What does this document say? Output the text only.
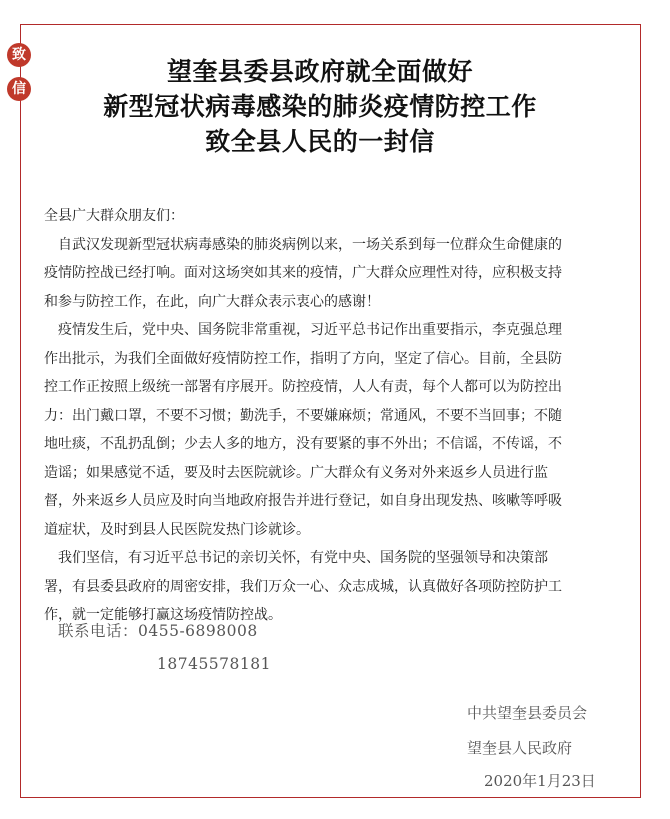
致
信
望奎县委县政府就全面做好
新型冠状病毒感染的肺炎疫情防控工作
致全县人民的一封信
全县广大群众朋友们：
　自武汉发现新型冠状病毒感染的肺炎病例以来，一场关系到每一位群众生命健康的
疫情防控战已经打响。面对这场突如其来的疫情，广大群众应理性对待，应积极支持
和参与防控工作，在此，向广大群众表示衷心的感谢！
　疫情发生后，党中央、国务院非常重视，习近平总书记作出重要指示，李克强总理
作出批示，为我们全面做好疫情防控工作，指明了方向，坚定了信心。目前，全县防
控工作正按照上级统一部署有序展开。防控疫情，人人有责，每个人都可以为防控出
力：出门戴口罩，不要不习惯；勤洗手，不要嫌麻烦；常通风，不要不当回事；不随
地吐痰，不乱扔乱倒；少去人多的地方，没有要紧的事不外出；不信谣，不传谣，不
造谣；如果感觉不适，要及时去医院就诊。广大群众有义务对外来返乡人员进行监
督，外来返乡人员应及时向当地政府报告并进行登记，如自身出现发热、咳嗽等呼吸
道症状，及时到县人民医院发热门诊就诊。
　我们坚信，有习近平总书记的亲切关怀，有党中央、国务院的坚强领导和决策部
署，有县委县政府的周密安排，我们万众一心、众志成城，认真做好各项防控防护工
作，就一定能够打赢这场疫情防控战。
联系电话：0455-6898008
18745578181
中共望奎县委员会
望奎县人民政府
2020年1月23日
